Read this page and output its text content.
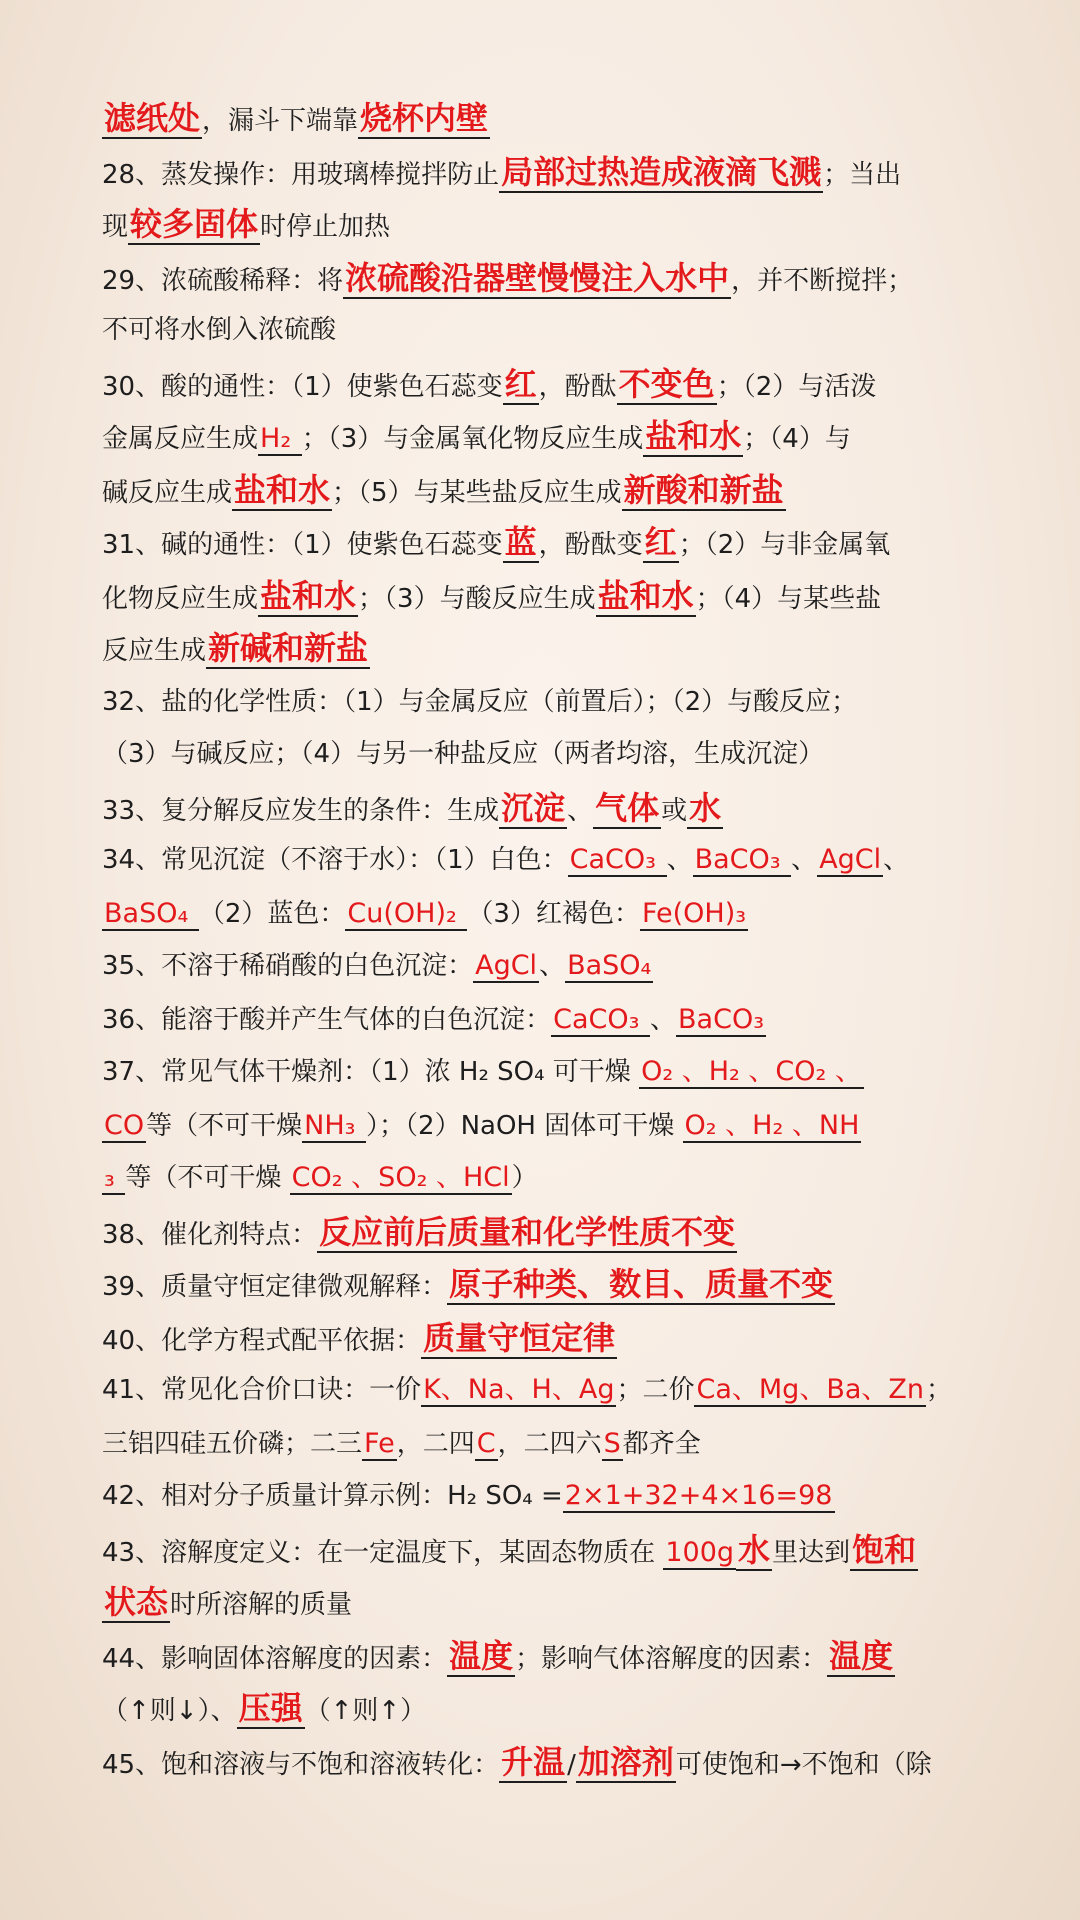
滤纸处，漏斗下端靠烧杯内壁
28、蒸发操作：用玻璃棒搅拌防止局部过热造成液滴飞溅；当出
现较多固体时停止加热
29、浓硫酸稀释：将浓硫酸沿器壁慢慢注入水中，并不断搅拌；
不可将水倒入浓硫酸
30、酸的通性：（1）使紫色石蕊变红，酚酞不变色；（2）与活泼
金属反应生成H₂ ；（3）与金属氧化物反应生成盐和水；（4）与
碱反应生成盐和水；（5）与某些盐反应生成新酸和新盐
31、碱的通性：（1）使紫色石蕊变蓝，酚酞变红；（2）与非金属氧
化物反应生成盐和水；（3）与酸反应生成盐和水；（4）与某些盐
反应生成新碱和新盐
32、盐的化学性质：（1）与金属反应（前置后）；（2）与酸反应；
（3）与碱反应；（4）与另一种盐反应（两者均溶，生成沉淀）
33、复分解反应发生的条件：生成沉淀、气体或水
34、常见沉淀（不溶于水）：（1）白色：CaCO₃ 、BaCO₃ 、AgCl、
BaSO₄ （2）蓝色：Cu(OH)₂ （3）红褐色：Fe(OH)₃
35、不溶于稀硝酸的白色沉淀：AgCl、BaSO₄
36、能溶于酸并产生气体的白色沉淀：CaCO₃ 、BaCO₃
37、常见气体干燥剂：（1）浓 H₂ SO₄ 可干燥 O₂ 、H₂ 、CO₂ 、
CO等（不可干燥NH₃ ）；（2）NaOH 固体可干燥 O₂ 、H₂ 、NH
₃ 等（不可干燥 CO₂ 、SO₂ 、HCl）
38、催化剂特点：反应前后质量和化学性质不变
39、质量守恒定律微观解释：原子种类、数目、质量不变
40、化学方程式配平依据：质量守恒定律
41、常见化合价口诀：一价K、Na、H、Ag；二价Ca、Mg、Ba、Zn；
三铝四硅五价磷；二三Fe，二四C，二四六S都齐全
42、相对分子质量计算示例：H₂ SO₄ =2×1+32+4×16=98
43、溶解度定义：在一定温度下，某固态物质在 100g 水里达到饱和
状态时所溶解的质量
44、影响固体溶解度的因素：温度；影响气体溶解度的因素：温度
（↑则↓）、压强（↑则↑）
45、饱和溶液与不饱和溶液转化：升温/加溶剂可使饱和→不饱和（除
